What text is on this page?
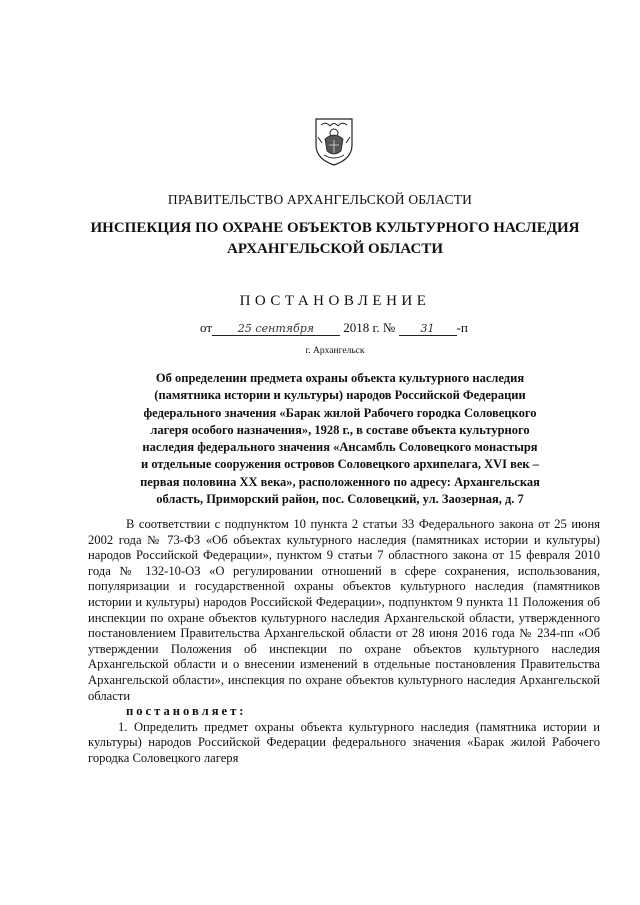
ПРАВИТЕЛЬСТВО АРХАНГЕЛЬСКОЙ ОБЛАСТИ
ИНСПЕКЦИЯ ПО ОХРАНЕ ОБЪЕКТОВ КУЛЬТУРНОГО НАСЛЕДИЯ
АРХАНГЕЛЬСКОЙ ОБЛАСТИ
ПОСТАНОВЛЕНИЕ
от 25 сентября 2018 г. № 31 -п
г. Архангельск
Об определении предмета охраны объекта культурного наследия
(памятника истории и культуры) народов Российской Федерации
федерального значения «Барак жилой Рабочего городка Соловецкого
лагеря особого назначения», 1928 г., в составе объекта культурного
наследия федерального значения «Ансамбль Соловецкого монастыря
и отдельные сооружения островов Соловецкого архипелага, XVI век –
первая половина XX века», расположенного по адресу: Архангельская
область, Приморский район, пос. Соловецкий, ул. Заозерная, д. 7

В соответствии с подпунктом 10 пункта 2 статьи 33 Федерального закона от 25 июня 2002 года № 73-ФЗ «Об объектах культурного наследия (памятниках истории и культуры) народов Российской Федерации», пунктом 9 статьи 7 областного закона от 15 февраля 2010 года № 132-10-ОЗ «О регулировании отношений в сфере сохранения, использования, популяризации и государственной охраны объектов культурного наследия (памятников истории и культуры) народов Российской Федерации», подпунктом 9 пункта 11 Положения об инспекции по охране объектов культурного наследия Архангельской области, утвержденного постановлением Правительства Архангельской области от 28 июня 2016 года № 234-пп «Об утверждении Положения об инспекции по охране объектов культурного наследия Архангельской области и о внесении изменений в отдельные постановления Правительства Архангельской области», инспекция по охране объектов культурного наследия Архангельской области

постановляет:

1. Определить предмет охраны объекта культурного наследия (памятника истории и культуры) народов Российской Федерации федерального значения «Барак жилой Рабочего городка Соловецкого лагеря
